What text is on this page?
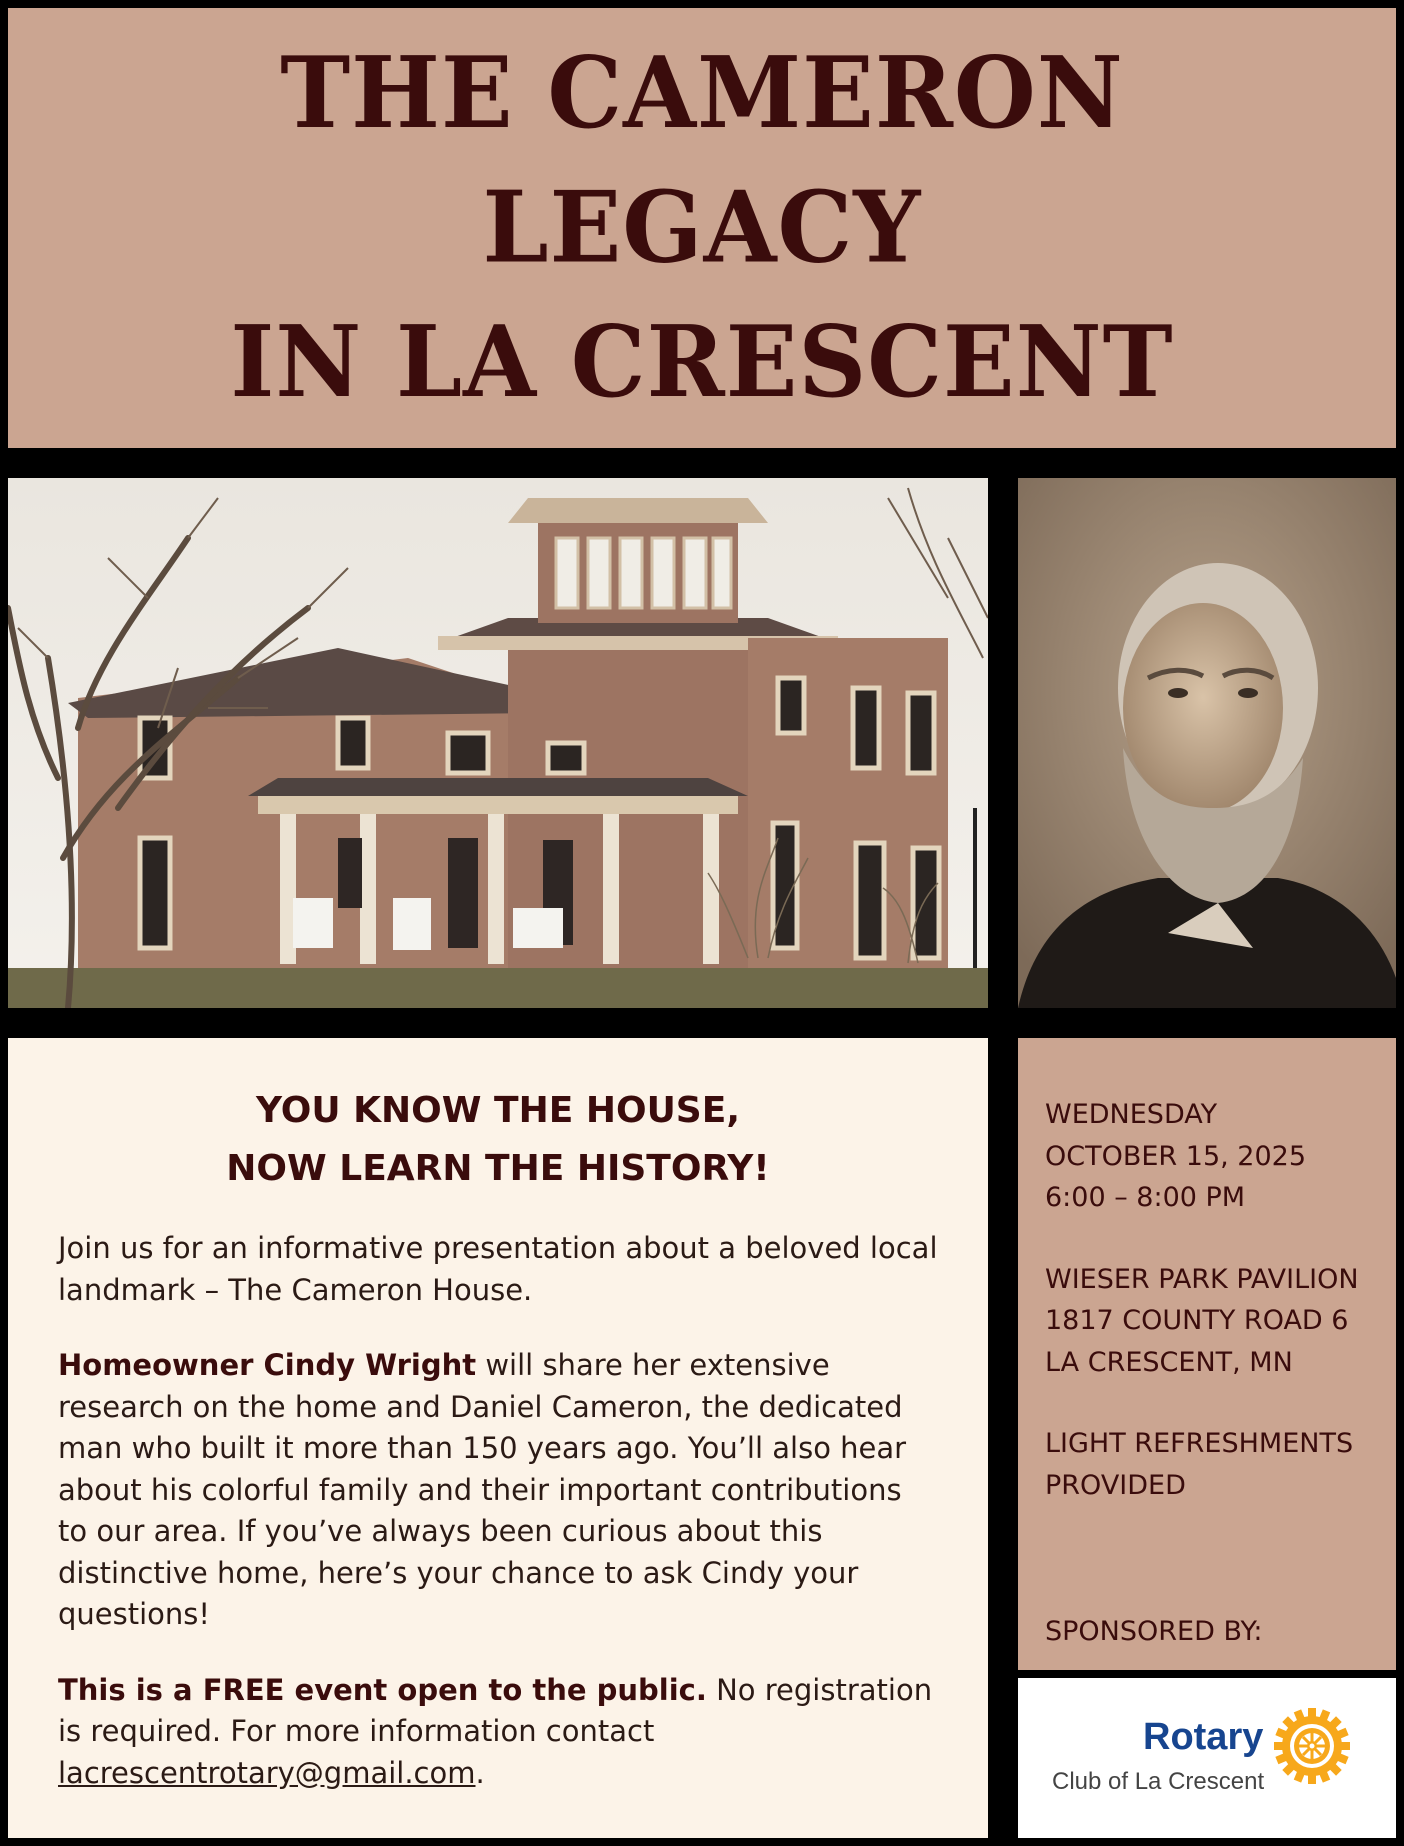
THE CAMERON
LEGACY
IN LA CRESCENT
YOU KNOW THE HOUSE,
NOW LEARN THE HISTORY!

Join us for an informative presentation about a beloved local landmark – The Cameron House.

Homeowner Cindy Wright will share her extensive research on the home and Daniel Cameron, the dedicated man who built it more than 150 years ago. You’ll also hear about his colorful family and their important contributions to our area. If you’ve always been curious about this distinctive home, here’s your chance to ask Cindy your questions!

This is a FREE event open to the public. No registration is required. For more information contact lacrescentrotary@gmail.com.

WEDNESDAY
OCTOBER 15, 2025
6:00 – 8:00 PM
WIESER PARK PAVILION
1817 COUNTY ROAD 6
LA CRESCENT, MN
LIGHT REFRESHMENTS
PROVIDED
SPONSORED BY:
Rotary
Club of La Crescent
